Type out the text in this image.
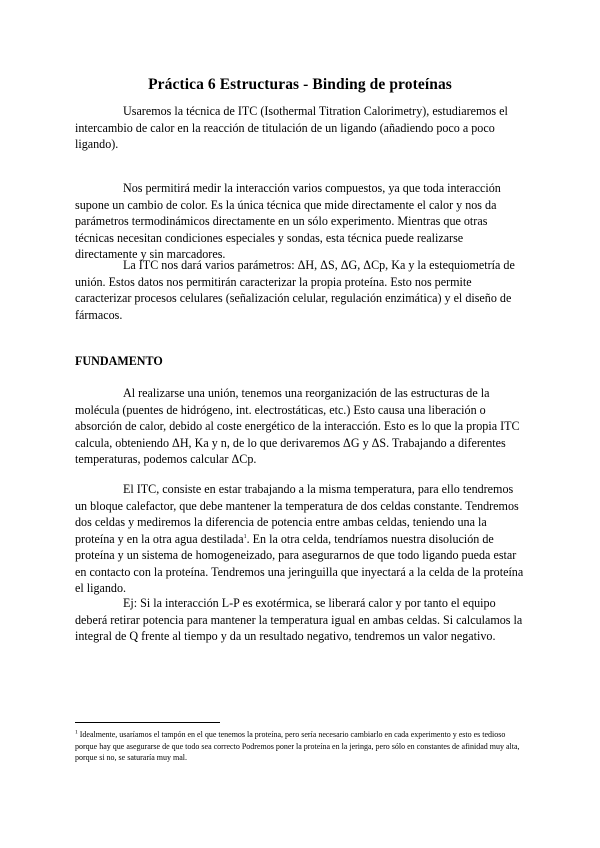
Práctica 6 Estructuras - Binding de proteínas

Usaremos la técnica de ITC (Isothermal Titration Calorimetry), estudiaremos el intercambio de calor en la reacción de titulación de un ligando (añadiendo poco a poco ligando).

Nos permitirá medir la interacción varios compuestos, ya que toda interacción supone un cambio de color. Es la única técnica que mide directamente el calor y nos da parámetros termodinámicos directamente en un sólo experimento. Mientras que otras técnicas necesitan condiciones especiales y sondas, esta técnica puede realizarse directamente y sin marcadores.

La ITC nos dará varios parámetros: ΔH, ΔS, ΔG, ΔCp, Ka y la estequiometría de unión. Estos datos nos permitirán caracterizar la propia proteína. Esto nos permite caracterizar procesos celulares (señalización celular, regulación enzimática) y el diseño de fármacos.

FUNDAMENTO

Al realizarse una unión, tenemos una reorganización de las estructuras de la molécula (puentes de hidrógeno, int. electrostáticas, etc.) Esto causa una liberación o absorción de calor, debido al coste energético de la interacción. Esto es lo que la propia ITC calcula, obteniendo ΔH, Ka y n, de lo que derivaremos ΔG y ΔS. Trabajando a diferentes temperaturas, podemos calcular ΔCp.

El ITC, consiste en estar trabajando a la misma temperatura, para ello tendremos un bloque calefactor, que debe mantener la temperatura de dos celdas constante. Tendremos dos celdas y mediremos la diferencia de potencia entre ambas celdas, teniendo una la proteína y en la otra agua destilada$^1$. En la otra celda, tendríamos nuestra disolución de proteína y un sistema de homogeneizado, para asegurarnos de que todo ligando pueda estar en contacto con la proteína. Tendremos una jeringuilla que inyectará a la celda de la proteína el ligando.

Ej: Si la interacción L-P es exotérmica, se liberará calor y por tanto el equipo deberá retirar potencia para mantener la temperatura igual en ambas celdas. Si calculamos la integral de Q frente al tiempo y da un resultado negativo, tendremos un valor negativo.

$^1$ Idealmente, usaríamos el tampón en el que tenemos la proteína, pero sería necesario cambiarlo en cada experimento y esto es tedioso porque hay que asegurarse de que todo sea correcto Podremos poner la proteína en la jeringa, pero sólo en constantes de afinidad muy alta, porque si no, se saturaría muy mal.
